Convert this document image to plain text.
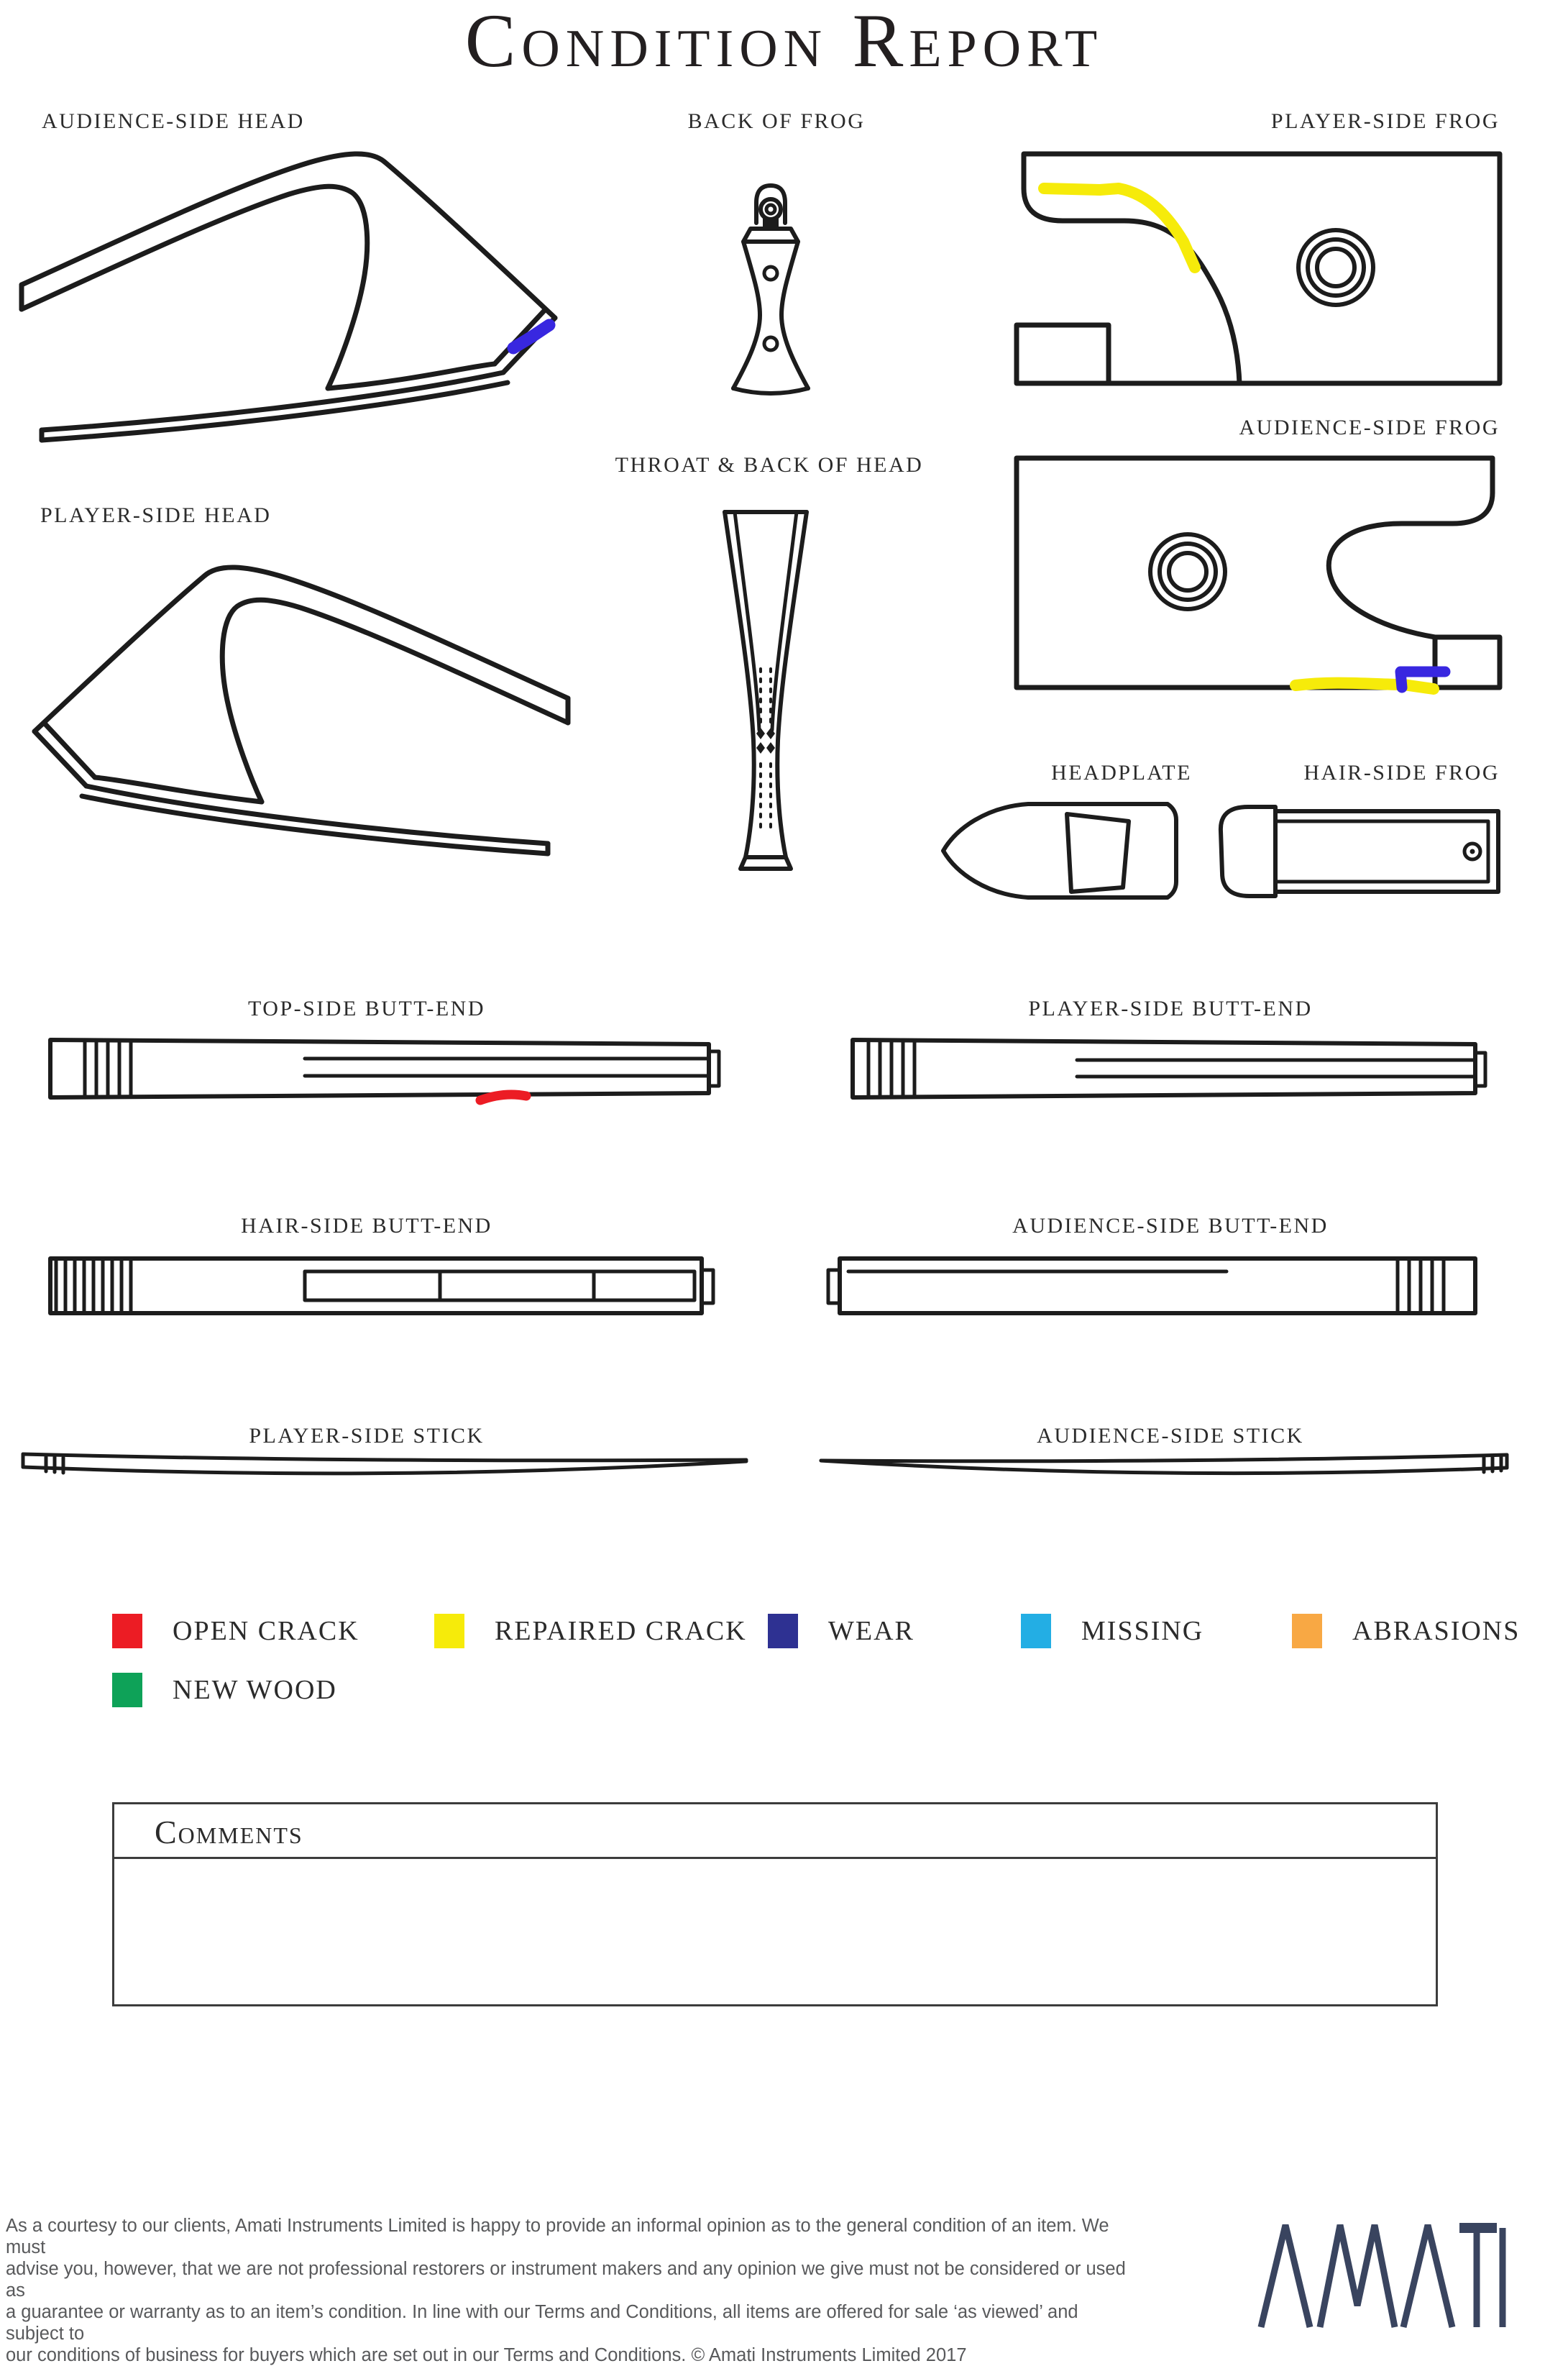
Condition Report
AUDIENCE-SIDE HEAD	BACK OF FROG	PLAYER-SIDE FROG
AUDIENCE-SIDE FROG
THROAT & BACK OF HEAD
PLAYER-SIDE HEAD
HEADPLATE	HAIR-SIDE FROG
TOP-SIDE BUTT-END	PLAYER-SIDE BUTT-END
HAIR-SIDE BUTT-END	AUDIENCE-SIDE BUTT-END
PLAYER-SIDE STICK	AUDIENCE-SIDE STICK
OPEN CRACK	REPAIRED CRACK	WEAR	MISSING	ABRASIONS
NEW WOOD
Comments
As a courtesy to our clients, Amati Instruments Limited is happy to provide an informal opinion as to the general condition of an item. We must
advise you, however, that we are not professional restorers or instrument makers and any opinion we give must not be considered or used as
a guarantee or warranty as to an item’s condition. In line with our Terms and Conditions, all items are offered for sale ‘as viewed’ and subject to
our conditions of business for buyers which are set out in our Terms and Conditions. © Amati Instruments Limited 2017
